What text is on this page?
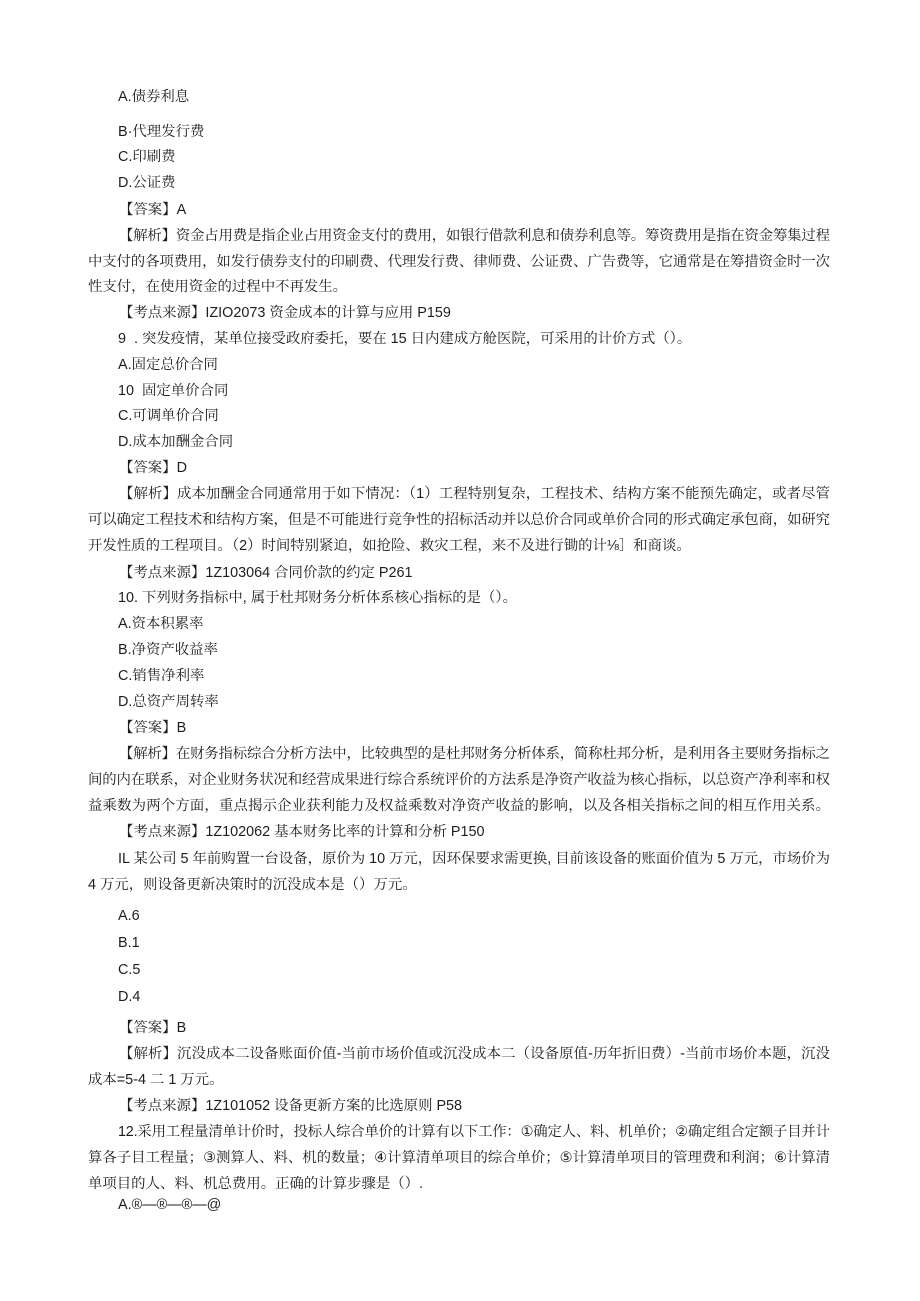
A.债券利息
B·代理发行费
C.印刷费
D.公证费
【答案】A
【解析】资金占用费是指企业占用资金支付的费用，如银行借款利息和债券利息等。筹资费用是指在资金筹集过程
中支付的各项费用，如发行债券支付的印刷费、代理发行费、律师费、公证费、广告费等，它通常是在筹措资金时一次
性支付，在使用资金的过程中不再发生。
【考点来源】IZIO2073 资金成本的计算与应用 P159
9  . 突发疫情，某单位接受政府委托，要在 15 日内建成方舱医院，可采用的计价方式（）。
A.固定总价合同
10  固定单价合同
C.可调单价合同
D.成本加酬金合同
【答案】D
【解析】成本加酬金合同通常用于如下情况：（1）工程特别复杂，工程技术、结构方案不能预先确定，或者尽管
可以确定工程技术和结构方案，但是不可能进行竞争性的招标活动并以总价合同或单价合同的形式确定承包商，如研究
开发性质的工程项目。（2）时间特别紧迫，如抢险、救灾工程，来不及进行锄的计⅛］和商谈。
【考点来源】1Z103064 合同价款的约定 P261
10. 下列财务指标中, 属于杜邦财务分析体系核心指标的是（）。
A.资本积累率
B.净资产收益率
C.销售净利率
D.总资产周转率
【答案】B
【解析】在财务指标综合分析方法中，比较典型的是杜邦财务分析体系，简称杜邦分析，是利用各主要财务指标之
间的内在联系，对企业财务状况和经营成果进行综合系统评价的方法系是净资产收益为核心指标，以总资产净利率和权
益乘数为两个方面，重点揭示企业获利能力及权益乘数对净资产收益的影响，以及各相关指标之间的相互作用关系。
【考点来源】1Z102062 基本财务比率的计算和分析 P150
IL 某公司 5 年前购置一台设备，原价为 10 万元，因环保要求需更换, 目前该设备的账面价值为 5 万元，市场价为
4 万元，则设备更新决策时的沉没成本是（）万元。
A.6
B.1
C.5
D.4
【答案】B
【解析】沉没成本二设备账面价值-当前市场价值或沉没成本二（设备原值-历年折旧费）-当前市场价本题，沉没
成本=5-4 二 1 万元。
【考点来源】1Z101052 设备更新方案的比选原则 P58
12.采用工程量清单计价时，投标人综合单价的计算有以下工作：①确定人、料、机单价；②确定组合定额子目并计
算各子目工程量；③测算人、料、机的数量；④计算清单项目的综合单价；⑤计算清单项目的管理费和利润；⑥计算清
单项目的人、料、机总费用。正确的计算步骤是（）.
A.®—®—®—@
